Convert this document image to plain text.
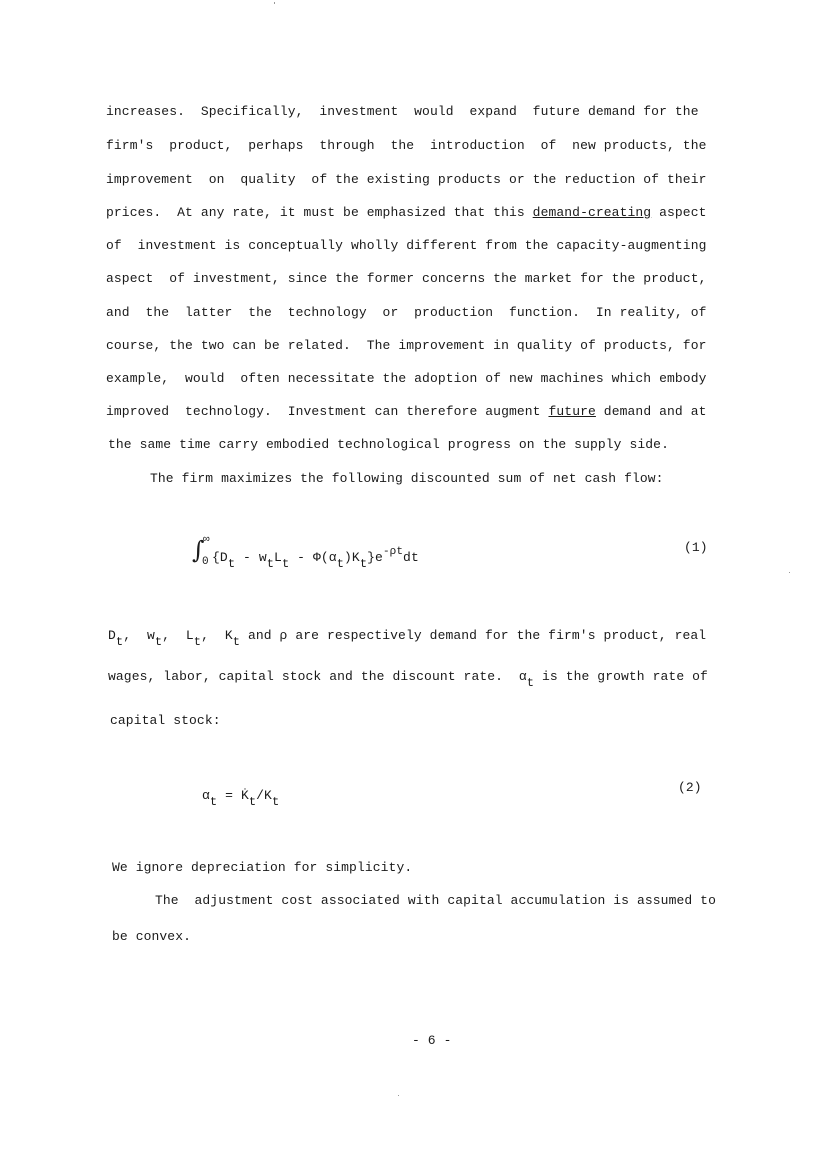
increases.  Specifically,  investment  would  expand  future demand for the
firm's  product,  perhaps  through  the  introduction  of  new products, the
improvement  on  quality  of the existing products or the reduction of their
prices.  At any rate, it must be emphasized that this demand-creating aspect
of  investment is conceptually wholly different from the capacity-augmenting
aspect  of investment, since the former concerns the market for the product,
and  the  latter  the  technology  or  production  function.  In reality, of
course, the two can be related.  The improvement in quality of products, for
example,  would  often necessitate the adoption of new machines which embody
improved  technology.  Investment can therefore augment future demand and at
the same time carry embodied technological progress on the supply side.
The firm maximizes the following discounted sum of net cash flow:
∫
∞
0 {Dt - wtLt - $\Phi(\alpha t)Kt\}e^{-\rho t}dt$
(1)
Dt,  wt,  Lt,  Kt and ρ are respectively demand for the firm's product, real
wages, labor, capital stock and the discount rate.  αt is the growth rate of
capital stock:
αt = K̇t/Kt
(2)
We ignore depreciation for simplicity.
The  adjustment cost associated with capital accumulation is assumed to
be convex.
- 6 -
